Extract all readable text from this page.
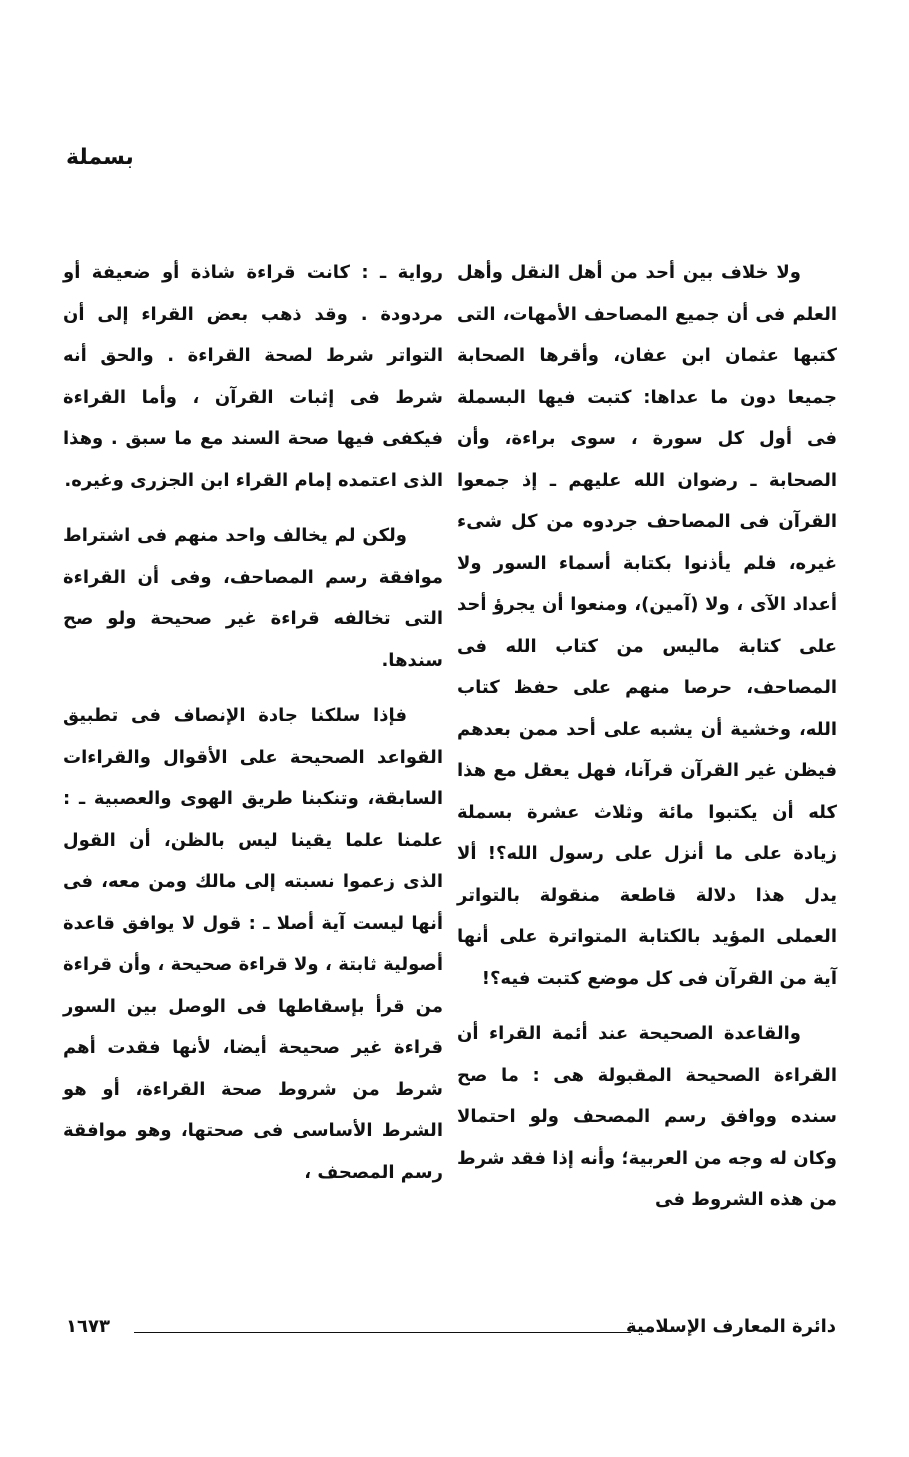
بسملة

ولا خلاف بين أحد من أهل النقل وأهل العلم فى أن جميع المصاحف الأمهات، التى كتبها عثمان ابن عفان، وأقرها الصحابة جميعا دون ما عداها: كتبت فيها البسملة فى أول كل سورة ، سوى براءة، وأن الصحابة ـ رضوان الله عليهم ـ إذ جمعوا القرآن فى المصاحف جردوه من كل شىء غيره، فلم يأذنوا بكتابة أسماء السور ولا أعداد الآى ، ولا (آمين)، ومنعوا أن يجرؤ أحد على كتابة ماليس من كتاب الله فى المصاحف، حرصا منهم على حفظ كتاب الله، وخشية أن يشبه على أحد ممن بعدهم فيظن غير القرآن قرآنا، فهل يعقل مع هذا كله أن يكتبوا مائة وثلاث عشرة بسملة زيادة على ما أنزل على رسول الله؟! ألا يدل هذا دلالة قاطعة منقولة بالتواتر العملى المؤيد بالكتابة المتواترة على أنها آية من القرآن فى كل موضع كتبت فيه؟!

والقاعدة الصحيحة عند أئمة القراء أن القراءة الصحيحة المقبولة هى : ما صح سنده ووافق رسم المصحف ولو احتمالا وكان له وجه من العربية؛ وأنه إذا فقد شرط من هذه الشروط فى

رواية ـ : كانت قراءة شاذة أو ضعيفة أو مردودة . وقد ذهب بعض القراء إلى أن التواتر شرط لصحة القراءة . والحق أنه شرط فى إثبات القرآن ، وأما القراءة فيكفى فيها صحة السند مع ما سبق . وهذا الذى اعتمده إمام القراء ابن الجزرى وغيره.

ولكن لم يخالف واحد منهم فى اشتراط موافقة رسم المصاحف، وفى أن القراءة التى تخالفه قراءة غير صحيحة ولو صح سندها.

فإذا سلكنا جادة الإنصاف فى تطبيق القواعد الصحيحة على الأقوال والقراءات السابقة، وتنكبنا طريق الهوى والعصبية ـ : علمنا علما يقينا ليس بالظن، أن القول الذى زعموا نسبته إلى مالك ومن معه، فى أنها ليست آية أصلا ـ : قول لا يوافق قاعدة أصولية ثابتة ، ولا قراءة صحيحة ، وأن قراءة من قرأ بإسقاطها فى الوصل بين السور قراءة غير صحيحة أيضا، لأنها فقدت أهم شرط من شروط صحة القراءة، أو هو الشرط الأساسى فى صحتها، وهو موافقة رسم المصحف ،

١٦٧٣	دائرة المعارف الإسلامية
